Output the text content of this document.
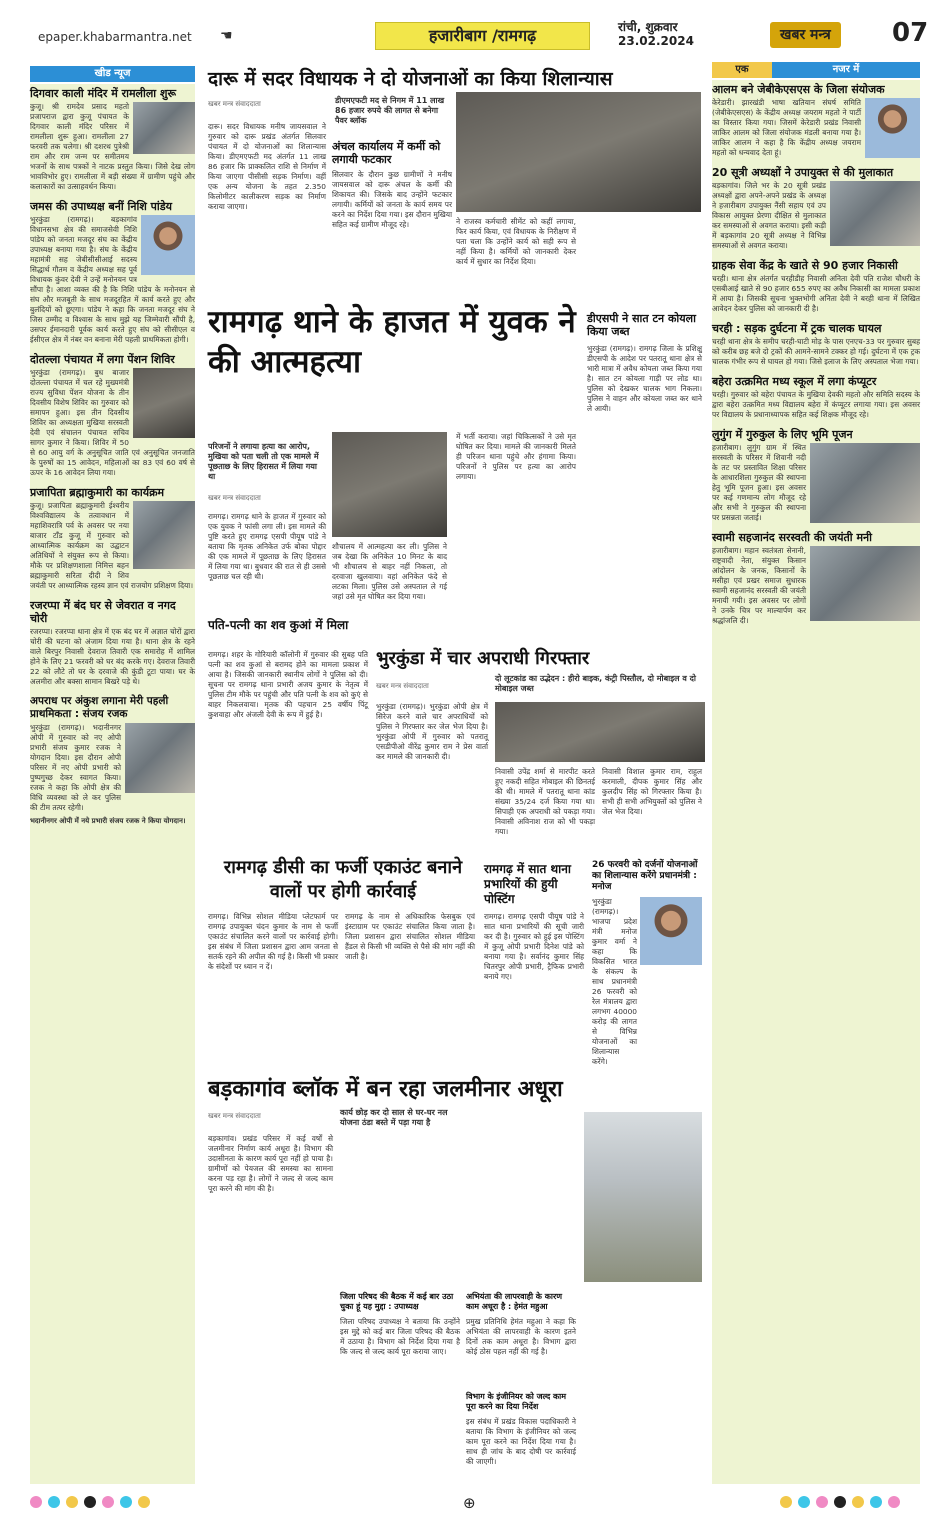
epaper.khabarmantra.net ☚	हजारीबाग /रामगढ़	रांची, शुक्रवार
23.02.2024	खबर मन्त्र	07
खीड न्यूज	एक	नजर में
दिगवार काली मंदिर में रामलीला शुरू
कुजू। श्री रामदेव प्रसाद महतो प्रजापराज द्वारा कुजू पंचायत के दिगवार काली मंदिर परिसर में रामलीला शुरू हुआ। रामलीला 27 फरवरी तक चलेगा। श्री दशरथ पुत्रेश्री राम और राम जन्म पर समीतमय भजनों के साथ पत्रकों ने नाटक प्रस्तुत किया। जिसे देख लोग भावविभोर हुए। रामलीला में बड़ी संख्या में ग्रामीण पहुंचे और कलाकारों का उत्साहवर्धन किया।
जमस की उपाध्यक्ष बनीं निशि पांडेय
भुरकुंडा (रामगढ़)। बड़कागांव विधानसभा क्षेत्र की समाजसेवी निशि पांडेय को जनता मजदूर संघ का केंद्रीय उपाध्यक्ष बनाया गया है। संघ के केंद्रीय महामंत्री सह जेबीसीसीआई सदस्य सिद्धार्थ गौतम व केंद्रीय अध्यक्ष सह पूर्व विधायक कुंवर देवी ने उन्हें मनोनयन पत्र सौंपा है। आशा व्यक्त की है कि निशि पांडेय के मनोनयन से संघ और मजबूती के साथ मजदूरहित में कार्य करते हुए और बुलंदियों को छूएगा। पांडेय ने कहा कि जनता मजदूर संघ ने जिस उम्मीद व विश्वास के साथ मुझे यह जिम्मेवारी सौंपी है, उसपर ईमानदारी पूर्वक कार्य करते हुए संघ को सीसीएल व ईसीएल क्षेत्र में नंबर वन बनाना मेरी पहली प्राथमिकता होगी।
दोतल्ला पंचायत में लगा पेंशन शिविर
भुरकुंडा (रामगढ़)। बुध बाजार दोतल्ला पंचायत में चल रहे मुख्यमंत्री राज्य सुविधा पेंशन योजना के तीन दिवसीय विशेष शिविर का गुरुवार को समापन हुआ। इस तीन दिवसीय शिविर का अध्यक्षता मुखिया सरस्वती देवी एवं संचालन पंचायत सचिव सागर कुमार ने किया। शिविर में 50 से 60 आयु वर्ग के अनुसूचित जाति एवं अनुसूचित जनजाति के पुरुषों का 15 आवेदन, महिलाओं का 83 एवं 60 वर्ष से ऊपर के 16 आवेदन लिया गया।
प्रजापिता ब्रह्माकुमारी का कार्यक्रम
कुजू। प्रजापिता ब्रह्माकुमारी ईश्वरीय विश्वविद्यालय के तत्वावधान में महाशिवरात्रि पर्व के अवसर पर नया बाजार टाँड कुजू में गुरुवार को आध्यात्मिक कार्यक्रम का उद्घाटन अतिथियों ने संयुक्त रूप से किया। मौके पर प्रशिक्षणशाला निमित्त बहन ब्रह्माकुमारी सरिता दीदी ने शिव जयंती पर आध्यात्मिक रहस्य ज्ञान एवं राजयोग प्रशिक्षण दिया।
रजरप्पा में बंद घर से जेवरात व नगद चोरी
रजरप्पा। रजरप्पा थाना क्षेत्र में एक बंद घर में अज्ञात चोरों द्वारा चोरी की घटना को अंजाम दिया गया है। थाना क्षेत्र के रहने वाले बिरपुर निवासी देवराज तिवारी एक समारोह में शामिल होने के लिए 21 फरवरी को घर बंद करके गए। देवराज तिवारी 22 को लौटे तो घर के दरवाजे की कुंडी टूटा पाया। घर के अलमीरा और बक्सा सामान बिखरे पड़े थे।
अपराध पर अंकुश लगाना मेरी पहली प्राथमिकता : संजय रजक
भुरकुंडा (रामगढ़)। भदानीनगर ओपी में गुरुवार को नए ओपी प्रभारी संजय कुमार रजक ने योगदान दिया। इस दौरान ओपी परिसर में नए ओपी प्रभारी को पुष्पगुच्छ देकर स्वागत किया। रजक ने कहा कि ओपी क्षेत्र की विधि व्यवस्था को ले कर पुलिस की टीम तत्पर रहेगी।
भदानीनगर ओपी में नये प्रभारी संजय रजक ने किया योगदान।
दारू में सदर विधायक ने दो योजनाओं का किया शिलान्यास
खबर मन्त्र संवाददाता	डीएमएफटी मद से निगम में 11 लाख 86 हजार रुपये की लागत से बनेगा पैवर ब्लॉक
दारू। सदर विधायक मनीष जायसवाल ने गुरुवार को दारू प्रखंड अंतर्गत सिलवार पंचायत में दो योजनाओं का शिलान्यास किया। डीएमएफटी मद अंतर्गत 11 लाख 86 हजार कि प्राक्कलित राशि से निर्माण में किया जाएगा पीसीसी सड़क निर्माण। वहीं एक अन्य योजना के तहत 2.350 किलोमीटर कालीकरण सड़क का निर्माण कराया जाएगा।
अंचल कार्यालय में कर्मी को लगायी फटकार
सिलवार के दौरान कुछ ग्रामीणों ने मनीष जायसवाल को दारू अंचल के कर्मी की शिकायत की। जिसके बाद उन्होंने फटकार लगायी। कर्मियों को जनता के कार्य समय पर करने का निर्देश दिया गया। इस दौरान मुखिया सहित कई ग्रामीण मौजूद रहे।	ने राजस्व कर्मचारी सीमेंट को कहीं लगाया, फिर कार्य किया, एवं विधायक के निरीक्षण में पता चला कि उन्होंने कार्य को सही रूप से नहीं किया है। कर्मियों को जानकारी देकर कार्य में सुधार का निर्देश दिया।
डीएसपी ने सात टन कोयला किया जब्त
भुरकुंडा (रामगढ़)। रामगढ़ जिला के प्रशिक्षु डीएसपी के आदेश पर पतरातू थाना क्षेत्र से भारी मात्रा में अवैध कोयला जब्त किया गया है। सात टन कोयला गाड़ी पर लोड था। पुलिस को देखकर चालक भाग निकला। पुलिस ने वाहन और कोयला जब्त कर थाने ले आयी।
रामगढ़ थाने के हाजत में युवक ने की आत्महत्या
परिजनों ने लगाया हत्या का आरोप, मुखिया को पता चली तो एक मामले में पूछताछ के लिए हिरासत में लिया गया था
खबर मन्त्र संवाददाता
रामगढ़। रामगढ़ थाने के हाजत में गुरुवार को एक युवक ने फांसी लगा ली। इस मामले की पुष्टि करते हुए रामगढ़ एसपी पीयूष पांडे ने बताया कि मृतक अनिकेत उर्फ बोका पोद्दार की एक मामले में पूछताछ के लिए हिरासत में लिया गया था। बुधवार की रात से ही उससे पूछताछ चल रही थी।
शौचालय में आत्महत्या कर ली। पुलिस ने जब देखा कि अनिकेत 10 मिनट के बाद भी शौचालय से बाहर नहीं निकला, तो दरवाजा खुलवाया। वहां अनिकेत फंदे से लटका मिला। पुलिस उसे अस्पताल ले गई जहां उसे मृत घोषित कर दिया गया।
में भर्ती कराया। जहां चिकित्सकों ने उसे मृत घोषित कर दिया। मामले की जानकारी मिलते ही परिजन थाना पहुंचे और हंगामा किया। परिजनों ने पुलिस पर हत्या का आरोप लगाया।
पति-पत्नी का शव कुआं में मिला
रामगढ़। शहर के गोरियारी कॉलोनी में गुरुवार की सुबह पति पत्नी का शव कुआं से बरामद होने का मामला प्रकाश में आया है। जिसकी जानकारी स्थानीय लोगों ने पुलिस को दी। सूचना पर रामगढ़ थाना प्रभारी अजय कुमार के नेतृत्व में पुलिस टीम मौके पर पहुंची और पति पत्नी के शव को कुएं से बाहर निकलवाया। मृतक की पहचान 25 वर्षीय पिंटू कुशवाहा और अंजली देवी के रूप में हुई है।
भुरकुंडा में चार अपराधी गिरफ्तार
खबर मन्त्र संवाददाता
दो लूटकांड का उद्भेदन : हीरो बाइक, कंट्री पिस्तौल, दो मोबाइल व दो मोबाइल जब्त
भुरकुंडा (रामगढ़)। भुरकुंडा ओपी क्षेत्र में सिरेज करने वाले चार अपराधियों को पुलिस ने गिरफ्तार कर जेल भेज दिया है। भुरकुंडा ओपी में गुरुवार को पतरातू एसडीपीओ वीरेंद्र कुमार राम ने प्रेस वार्ता कर मामले की जानकारी दी।
निवासी उपेंद्र शर्मा से मारपीट करते हुए नकदी सहित मोबाइल की छिनतई की थी। मामले में पतरातू थाना कांड संख्या 35/24 दर्ज किया गया था। सिपाही एक अपराधी को पकड़ा गया। निवासी अविनाश राज को भी पकड़ा गया।
निवासी विशाल कुमार राम, राहुल करमाली, दीपक कुमार सिंह और कुलदीप सिंह को गिरफ्तार किया है। सभी ही सभी अभियुक्तों को पुलिस ने जेल भेज दिया।
रामगढ़ डीसी का फर्जी एकाउंट बनाने वालों पर होगी कार्रवाई
रामगढ़। विभिन्न सोशल मीडिया प्लेटफार्म पर रामगढ़ उपायुक्त चंदन कुमार के नाम से फर्जी एकाउंट संचालित करने वालों पर कार्रवाई होगी। इस संबंध में जिला प्रशासन द्वारा आम जनता से सतर्क रहने की अपील की गई है। किसी भी प्रकार के संदेशों पर ध्यान न दें।
रामगढ़ के नाम से अधिकारिक फेसबुक एवं इंस्टाग्राम पर एकाउंट संचालित किया जाता है। जिला प्रशासन द्वारा संचालित सोशल मीडिया हैंडल से किसी भी व्यक्ति से पैसे की मांग नहीं की जाती है।
रामगढ़ में सात थाना प्रभारियों की हुयी पोस्टिंग
रामगढ़। रामगढ़ एसपी पीयूष पांडे ने सात थाना प्रभारियों की सूची जारी कर दी है। गुरुवार को हुई इस पोस्टिंग में कुजू ओपी प्रभारी दिनेश पांडे को बनाया गया है। सर्वानंद कुमार सिंह चितरपुर ओपी प्रभारी, ट्रैफिक प्रभारी बनाये गए।
26 फरवरी को दर्जनों योजनाओं का शिलान्यास करेंगे प्रधानमंत्री : मनोज
भुरकुंडा (रामगढ़)। भाजपा प्रदेश मंत्री मनोज कुमार वर्मा ने कहा कि विकसित भारत के संकल्प के साथ प्रधानमंत्री 26 फरवरी को रेल मंत्रालय द्वारा लगभग 40000 करोड़ की लागत से विभिन्न योजनाओं का शिलान्यास करेंगे।
बड़कागांव ब्लॉक में बन रहा जलमीनार अधूरा
खबर मन्त्र संवाददाता	कार्य छोड़ कर दो साल से घर-घर नल योजना ठंडा बस्ते में पड़ा गया है
बड़कागांव। प्रखंड परिसर में कई वर्षों से जलमीनार निर्माण कार्य अधूरा है। विभाग की उदासीनता के कारण कार्य पूरा नहीं हो पाया है। ग्रामीणों को पेयजल की समस्या का सामना करना पड़ रहा है। लोगों ने जल्द से जल्द काम पूरा करने की मांग की है।
जिला परिषद की बैठक में कई बार उठा चुका हूं यह मुद्दा : उपाध्यक्ष
जिला परिषद उपाध्यक्ष ने बताया कि उन्होंने इस मुद्दे को कई बार जिला परिषद की बैठक में उठाया है। विभाग को निर्देश दिया गया है कि जल्द से जल्द कार्य पूरा कराया जाए।
अभियंता की लापरवाही के कारण काम अधूरा है : हेमंत महुआ
प्रमुख प्रतिनिधि हेमंत महुआ ने कहा कि अभियंता की लापरवाही के कारण इतने दिनों तक काम अधूरा है। विभाग द्वारा कोई ठोस पहल नहीं की गई है।
विभाग के इंजीनियर को जल्द काम पूरा करने का दिया निर्देश
इस संबंध में प्रखंड विकास पदाधिकारी ने बताया कि विभाग के इंजीनियर को जल्द काम पूरा करने का निर्देश दिया गया है। साथ ही जांच के बाद दोषी पर कार्रवाई की जाएगी।
आलम बने जेबीकेएसएस के जिला संयोजक
केरेडारी। झारखंडी भाषा खतियान संघर्ष समिति (जेबीकेएसएस) के केंद्रीय अध्यक्ष जयराम महतो ने पार्टी का विस्तार किया गया। जिसमें केरेडारी प्रखंड निवासी जाकिर आलम को जिला संयोजक मंडली बनाया गया है। जाकिर आलम ने कहा है कि केंद्रीय अध्यक्ष जयराम महतो को धन्यवाद देता हूं।
20 सूत्री अध्यक्षों ने उपायुक्त से की मुलाकात
बड़कागांव। जिले भर के 20 सूत्री प्रखंड अध्यक्षों द्वारा अपने-अपने प्रखंड के अध्यक्ष ने हजारीबाग उपायुक्त नैंसी सहाय एवं उप विकास आयुक्त प्रेरणा दीक्षित से मुलाकात कर समस्याओं से अवगत कराया। इसी कड़ी में बड़कागांव 20 सूत्री अध्यक्ष ने विभिन्न समस्याओं से अवगत कराया।
ग्राहक सेवा केंद्र के खाते से 90 हजार निकासी
चरही। थाना क्षेत्र अंतर्गत चरहीडीह निवासी अनिता देवी पति राजेश चौधरी के एसबीआई खाते से 90 हजार 655 रुपए का अवैध निकासी का मामला प्रकाश में आया है। जिसकी सूचना भुक्तभोगी अनिता देवी ने बरही थाना में लिखित आवेदन देकर पुलिस को जानकारी दी है।
चरही : सड़क दुर्घटना में ट्रक चालक घायल
चरही थाना क्षेत्र के समीप चरही-घाटी मोड़ के पास एनएच-33 पर गुरुवार सुबह को करीब छह बजे दो ट्रकों की आमने-सामने टक्कर हो गई। दुर्घटना में एक ट्रक चालक गंभीर रूप से घायल हो गया। जिसे इलाज के लिए अस्पताल भेजा गया।
बहेरा उत्क्रमित मध्य स्कूल में लगा कंप्यूटर
चरही। गुरुवार को बहेरा पंचायत के मुखिया देवकी महतो और समिति सदस्य के द्वारा बहेरा उत्क्रमित मध्य विद्यालय बहेरा में कंप्यूटर लगाया गया। इस अवसर पर विद्यालय के प्रधानाध्यापक सहित कई शिक्षक मौजूद रहे।
लुगुंग में गुरुकुल के लिए भूमि पूजन
हजारीबाग। लुगुंग ग्राम में स्थित सरस्वती के परिसर में शिवानी नदी के तट पर प्रस्तावित शिक्षा परिसर के आधारशिला गुरुकुल की स्थापना हेतु भूमि पूजन हुआ। इस अवसर पर कई गणमान्य लोग मौजूद रहे और सभी ने गुरुकुल की स्थापना पर प्रसन्नता जताई।
स्वामी सहजानंद सरस्वती की जयंती मनी
हजारीबाग। महान स्वतंत्रता सेनानी, राष्ट्रवादी नेता, संयुक्त किसान आंदोलन के जनक, किसानों के मसीहा एवं प्रखर समाज सुधारक स्वामी सहजानंद सरस्वती की जयंती मनायी गयी। इस अवसर पर लोगों ने उनके चित्र पर माल्यार्पण कर श्रद्धांजलि दी।
⊕
